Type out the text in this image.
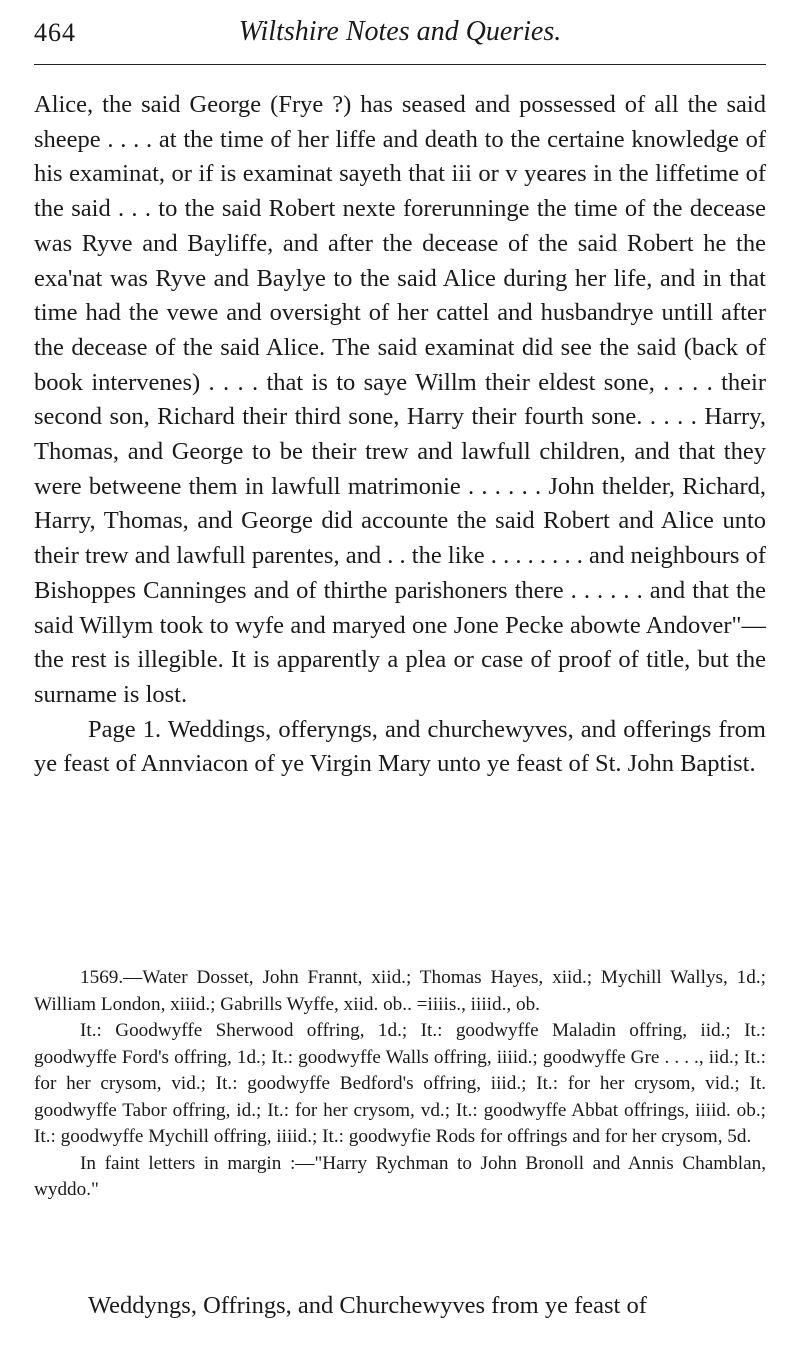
464	Wiltshire Notes and Queries.

Alice, the said George (Frye ?) has seased and possessed of all the said sheepe . . . . at the time of her liffe and death to the certaine knowledge of his examinat, or if is examinat sayeth that iii or v yeares in the liffetime of the said . . . to the said Robert nexte forerunninge the time of the decease was Ryve and Bayliffe, and after the decease of the said Robert he the exa'nat was Ryve and Baylye to the said Alice during her life, and in that time had the vewe and oversight of her cattel and husbandrye untill after the decease of the said Alice. The said examinat did see the said (back of book intervenes) . . . . that is to saye Willm their eldest sone, . . . . their second son, Richard their third sone, Harry their fourth sone. . . . . Harry, Thomas, and George to be their trew and lawfull children, and that they were betweene them in lawfull matrimonie . . . . . . John thelder, Richard, Harry, Thomas, and George did accounte the said Robert and Alice unto their trew and lawfull parentes, and . . the like . . . . . . . . and neighbours of Bishoppes Canninges and of thirthe parishoners there . . . . . . and that the said Willym took to wyfe and maryed one Jone Pecke abowte Andover"—the rest is illegible. It is apparently a plea or case of proof of title, but the surname is lost.

Page 1. Weddings, offeryngs, and churchewyves, and offerings from ye feast of Annviacon of ye Virgin Mary unto ye feast of St. John Baptist.

1569.—Water Dosset, John Frannt, xiid.; Thomas Hayes, xiid.; Mychill Wallys, 1d.; William London, xiiid.; Gabrills Wyffe, xiid. ob.. =iiiis., iiiid., ob.

It.: Goodwyffe Sherwood offring, 1d.; It.: goodwyffe Maladin offring, iid.; It.: goodwyffe Ford's offring, 1d.; It.: goodwyffe Walls offring, iiiid.; goodwyffe Gre . . . ., iid.; It.: for her crysom, vid.; It.: goodwyffe Bedford's offring, iiid.; It.: for her crysom, vid.; It. goodwyffe Tabor offring, id.; It.: for her crysom, vd.; It.: goodwyffe Abbat offrings, iiiid. ob.; It.: goodwyffe Mychill offring, iiiid.; It.: goodwyfie Rods for offrings and for her crysom, 5d.

In faint letters in margin :—"Harry Rychman to John Bronoll and Annis Chamblan, wyddo."

Weddyngs, Offrings, and Churchewyves from ye feast of
